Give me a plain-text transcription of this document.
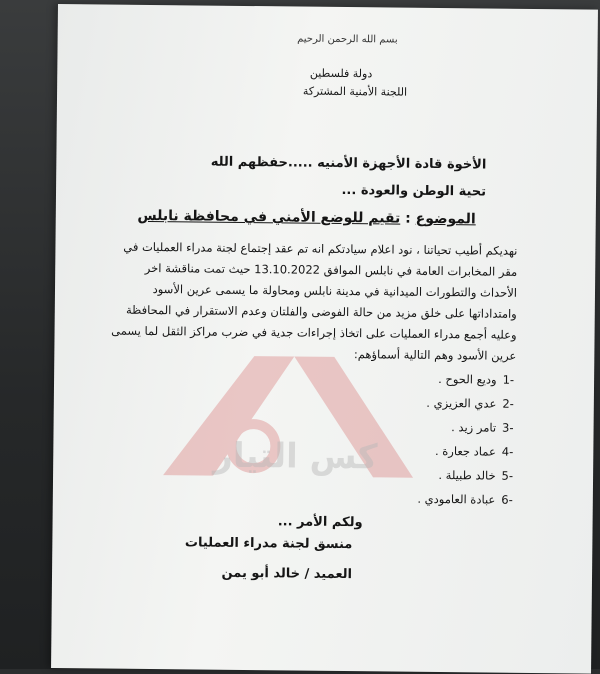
كس التيار
بسم الله الرحمن الرحيم
دولة فلسطين
اللجنة الأمنية المشتركة
الأخوة قادة الأجهزة الأمنيه .....حفظهم الله
تحية الوطن والعودة ...
الموضوع : تقيم للوضع الأمني في محافظة نابلس
نهديكم أطيب تحياتنا ، نود اعلام سيادتكم انه تم عقد إجتماع لجنة مدراء العمليات في
مقر المخابرات العامة في نابلس الموافق 13.10.2022 حيث تمت مناقشة اخر
الأحداث والتطورات الميدانية في مدينة نابلس ومحاولة ما يسمى عرين الأسود
وامتداداتها على خلق مزيد من حالة الفوضى والفلتان وعدم الاستقرار في المحافظة
وعليه أجمع مدراء العمليات على اتخاذ إجراءات جدية في ضرب مراكز الثقل لما يسمى
عرين الأسود وهم التالية أسماؤهم:
-1وديع الحوح .
-2عدي العزيزي .
-3تامر زيد .
-4عماد جعارة .
-5خالد طبيلة .
-6عبادة العامودي .
ولكم الأمر ...
منسق لجنة مدراء العمليات
العميد / خالد أبو يمن
